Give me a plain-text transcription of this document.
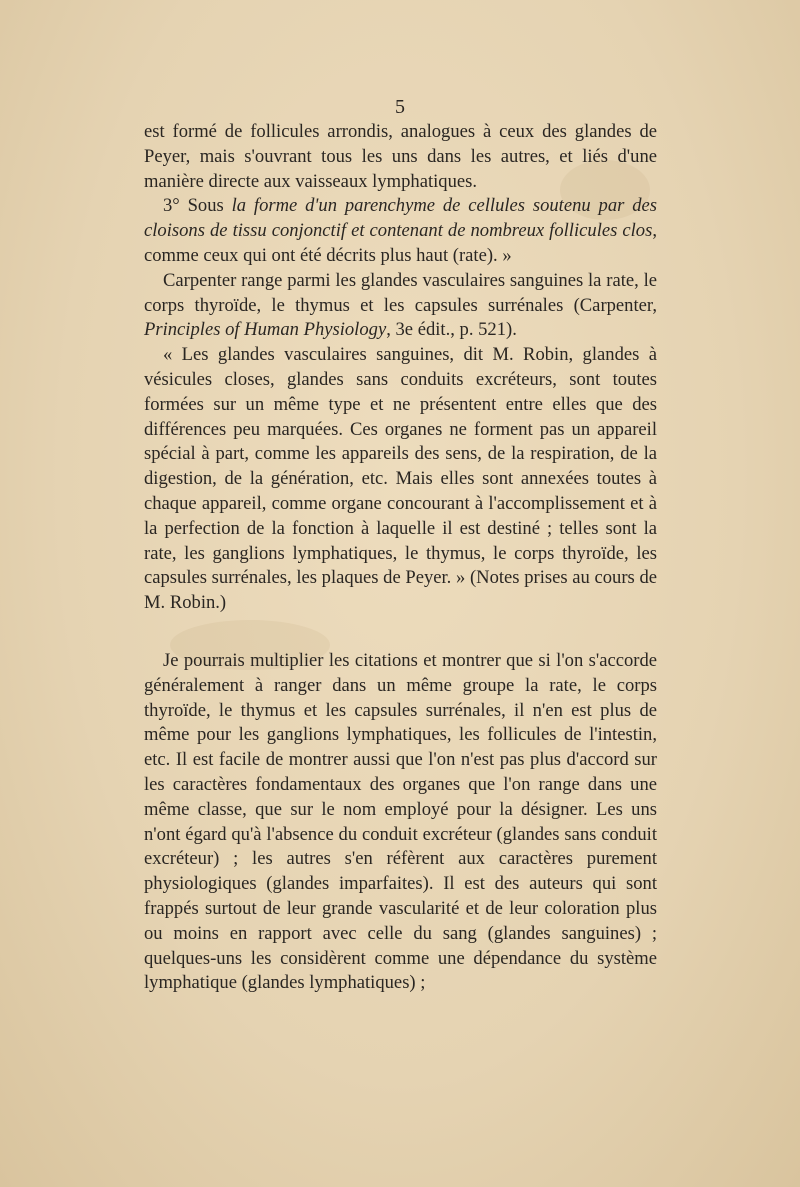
5

est formé de follicules arrondis, analogues à ceux des glandes de Peyer, mais s'ouvrant tous les uns dans les autres, et liés d'une manière directe aux vaisseaux lymphatiques.

3° Sous la forme d'un parenchyme de cellules soutenu par des cloisons de tissu conjonctif et contenant de nombreux follicules clos, comme ceux qui ont été décrits plus haut (rate). »

Carpenter range parmi les glandes vasculaires sanguines la rate, le corps thyroïde, le thymus et les capsules surrénales (Carpenter, Principles of Human Physiology, 3e édit., p. 521).

« Les glandes vasculaires sanguines, dit M. Robin, glandes à vésicules closes, glandes sans conduits excréteurs, sont toutes formées sur un même type et ne présentent entre elles que des différences peu marquées. Ces organes ne forment pas un appareil spécial à part, comme les appareils des sens, de la respiration, de la digestion, de la génération, etc. Mais elles sont annexées toutes à chaque appareil, comme organe concourant à l'accomplissement et à la perfection de la fonction à laquelle il est destiné ; telles sont la rate, les ganglions lymphatiques, le thymus, le corps thyroïde, les capsules surrénales, les plaques de Peyer. » (Notes prises au cours de M. Robin.)

Je pourrais multiplier les citations et montrer que si l'on s'accorde généralement à ranger dans un même groupe la rate, le corps thyroïde, le thymus et les capsules surrénales, il n'en est plus de même pour les ganglions lymphatiques, les follicules de l'intestin, etc. Il est facile de montrer aussi que l'on n'est pas plus d'accord sur les caractères fondamentaux des organes que l'on range dans une même classe, que sur le nom employé pour la désigner. Les uns n'ont égard qu'à l'absence du conduit excréteur (glandes sans conduit excréteur) ; les autres s'en réfèrent aux caractères purement physiologiques (glandes imparfaites). Il est des auteurs qui sont frappés surtout de leur grande vascularité et de leur coloration plus ou moins en rapport avec celle du sang (glandes sanguines) ; quelques-uns les considèrent comme une dépendance du système lymphatique (glandes lymphatiques) ;
